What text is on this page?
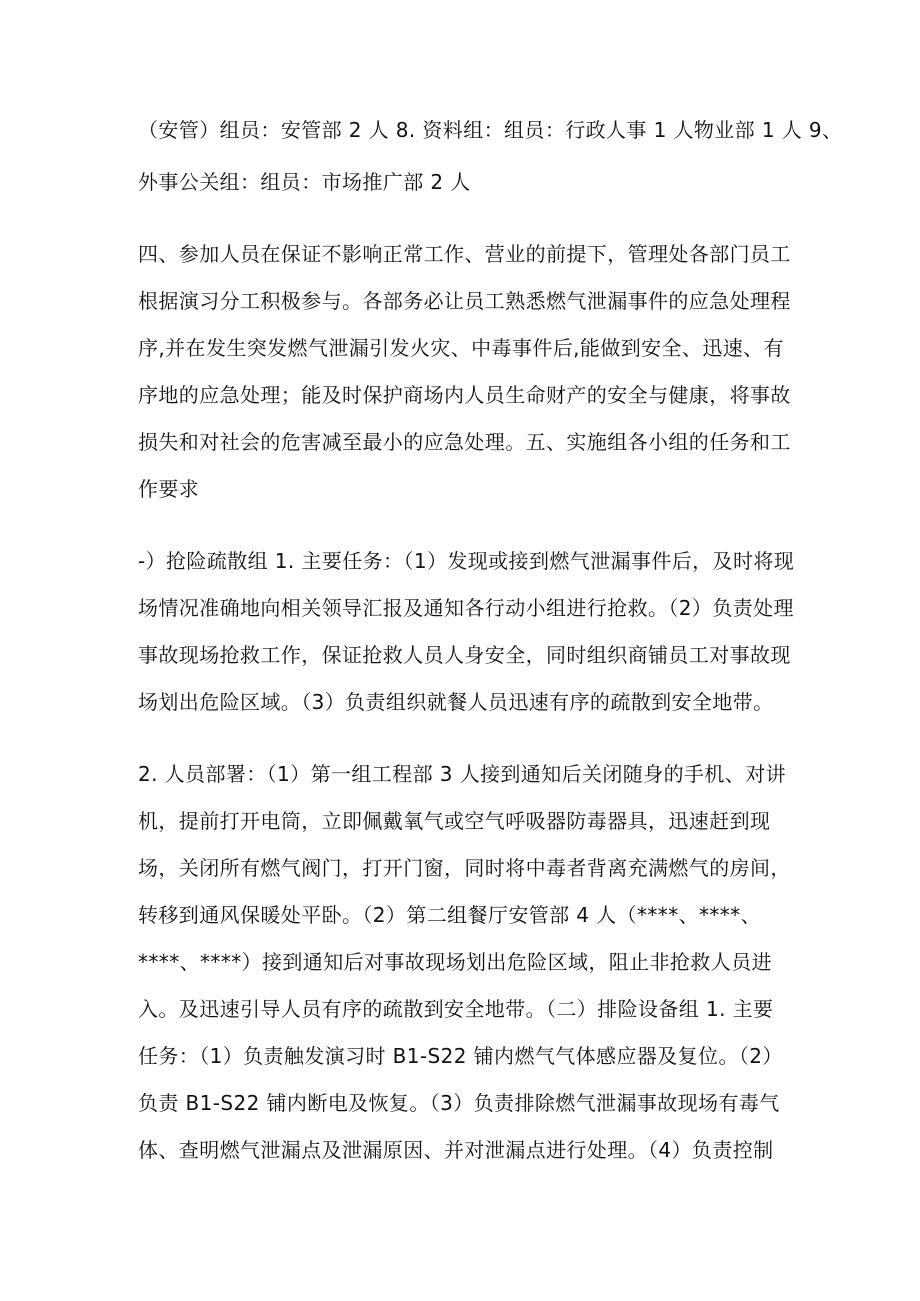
（安管）组员：安管部 2 人 8. 资料组：组员：行政人事 1 人物业部 1 人 9、
外事公关组：组员：市场推广部 2 人
四、参加人员在保证不影响正常工作、营业的前提下，管理处各部门员工
根据演习分工积极参与。各部务必让员工熟悉燃气泄漏事件的应急处理程
序,并在发生突发燃气泄漏引发火灾、中毒事件后,能做到安全、迅速、有
序地的应急处理；能及时保护商场内人员生命财产的安全与健康，将事故
损失和对社会的危害减至最小的应急处理。五、实施组各小组的任务和工
作要求
-）抢险疏散组 1. 主要任务：（1）发现或接到燃气泄漏事件后，及时将现
场情况准确地向相关领导汇报及通知各行动小组进行抢救。（2）负责处理
事故现场抢救工作，保证抢救人员人身安全，同时组织商铺员工对事故现
场划出危险区域。（3）负责组织就餐人员迅速有序的疏散到安全地带。
2. 人员部署：（1）第一组工程部 3 人接到通知后关闭随身的手机、对讲
机，提前打开电筒，立即佩戴氧气或空气呼吸器防毒器具，迅速赶到现
场，关闭所有燃气阀门，打开门窗，同时将中毒者背离充满燃气的房间，
转移到通风保暖处平卧。（2）第二组餐厅安管部 4 人（****、****、
****、****）接到通知后对事故现场划出危险区域，阻止非抢救人员进
入。及迅速引导人员有序的疏散到安全地带。（二）排险设备组 1. 主要
任务：（1）负责触发演习时 B1-S22 铺内燃气气体感应器及复位。（2）
负责 B1-S22 铺内断电及恢复。（3）负责排除燃气泄漏事故现场有毒气
体、查明燃气泄漏点及泄漏原因、并对泄漏点进行处理。（4）负责控制
